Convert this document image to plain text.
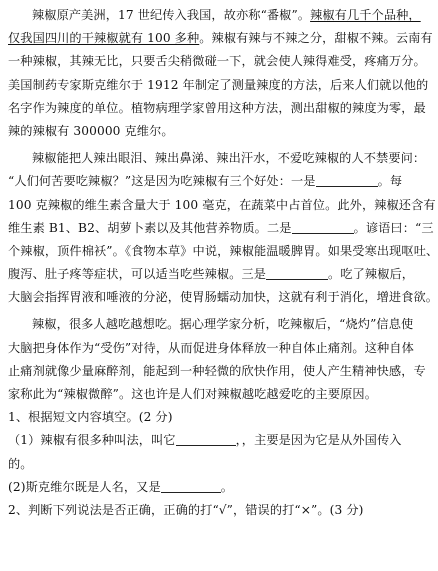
辣椒原产美洲，17 世纪传入我国，故亦称“番椒”。辣椒有几千个品种，
仅我国四川的干辣椒就有 100 多种。辣椒有辣与不辣之分，甜椒不辣。云南有
一种辣椒，其辣无比，只要舌尖稍微碰一下，就会使人辣得难受，疼痛万分。
美国制药专家斯克维尔于 1912 年制定了测量辣度的方法，后来人们就以他的
名字作为辣度的单位。植物病理学家曾用这种方法，测出甜椒的辣度为零，最
辣的辣椒有 300000 克维尔。
辣椒能把人辣出眼泪、辣出鼻涕、辣出汗水，不爱吃辣椒的人不禁要问：
“人们何苦要吃辣椒？”这是因为吃辣椒有三个好处：一是	。每
100 克辣椒的维生素含量大于 100 毫克，在蔬菜中占首位。此外，辣椒还含有
维生素 B1、B2、胡萝卜素以及其他营养物质。二是	。谚语曰：“三
个辣椒，顶件棉袄”。《食物本草》中说，辣椒能温暖脾胃。如果受寒出现呕吐、
腹泻、肚子疼等症状，可以适当吃些辣椒。三是	。吃了辣椒后，
大脑会指挥胃液和唾液的分泌，使胃肠蠕动加快，这就有利于消化，增进食欲。
辣椒，很多人越吃越想吃。据心理学家分析，吃辣椒后，“烧灼”信息使
大脑把身体作为“受伤”对待，从而促进身体释放一种自体止痛剂。这种自体
止痛剂就像少量麻醉剂，能起到一种轻微的欣快作用，使人产生精神快感，专
家称此为“辣椒微醉”。这也许是人们对辣椒越吃越爱吃的主要原因。
1、根据短文内容填空。(2 分)
（1）辣椒有很多种叫法，叫它	，，主要是因为它是从外国传入
的。
(2)斯克维尔既是人名，又是	。
2、判断下列说法是否正确，正确的打“√”，错误的打“×”。(3 分)
